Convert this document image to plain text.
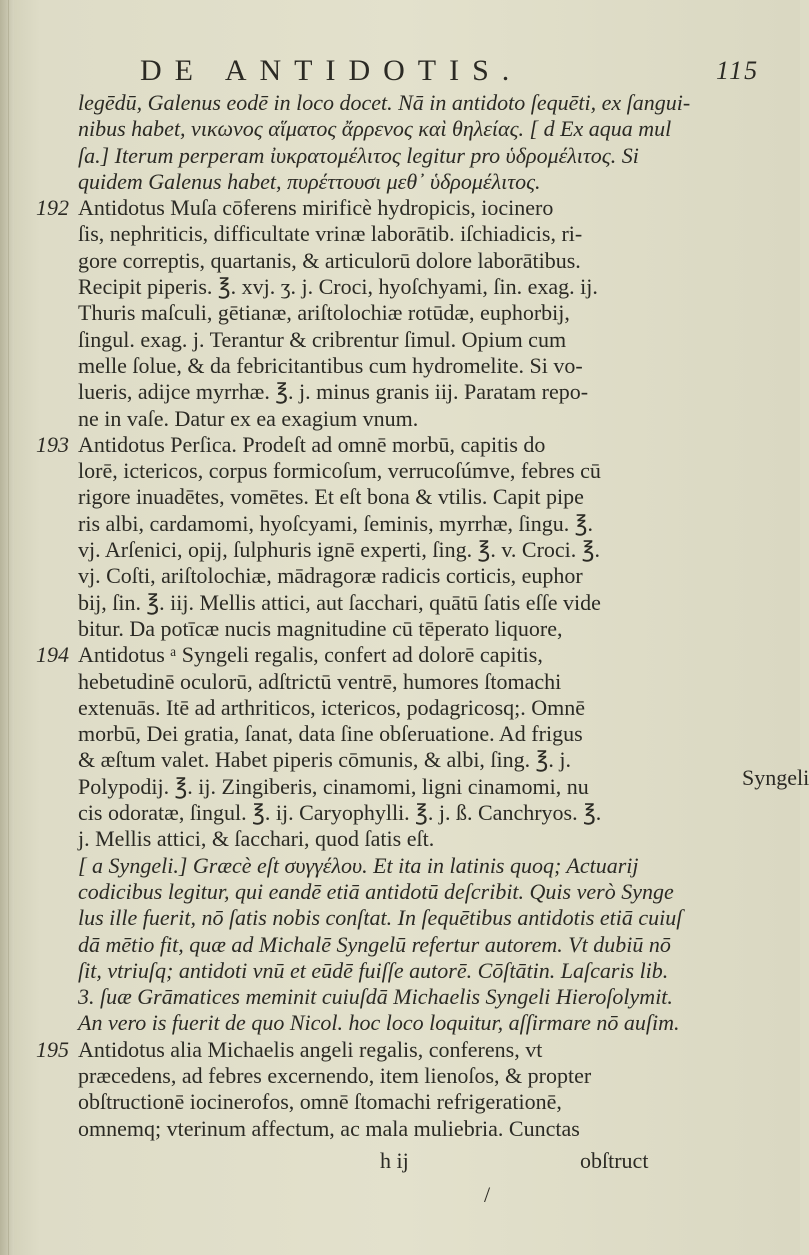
DE ANTIDOTIS.	115
legēdū, Galenus eodē in loco docet. Nā in antidoto ſequēti, ex ſangui-
nibus habet, νικωνος αἵματος ἄρρενος καὶ θηλείας. [ d Ex aqua mul
ſa.] Iterum perperam ἰυκρατομέλιτος legitur pro ὑδρομέλιτος. Si
quidem Galenus habet, πυρέττουσι μεθ᾽ ὑδρομέλιτος.
192 Antidotus Muſa cōferens mirificè hydropicis, iocinero
ſis, nephriticis, difficultate vrinæ laborātib. iſchiadicis, ri-
gore correptis, quartanis, & articulorū dolore laborātibus.
Recipit piperis. ℥. xvj. ʒ. j. Croci, hyoſchyami, ſin. exag. ij.
Thuris maſculi, gētianæ, ariſtolochiæ rotūdæ, euphorbij,
ſingul. exag. j. Terantur & cribrentur ſimul. Opium cum
melle ſolue, & da febricitantibus cum hydromelite. Si vo-
lueris, adijce myrrhæ. ℥. j. minus granis iij. Paratam repo-
ne in vaſe. Datur ex ea exagium vnum.
193 Antidotus Perſica. Prodeſt ad omnē morbū, capitis do
lorē, ictericos, corpus formicoſum, verrucoſúmve, febres cū
rigore inuadētes, vomētes. Et eſt bona & vtilis. Capit pipe
ris albi, cardamomi, hyoſcyami, ſeminis, myrrhæ, ſingu. ℥.
vj. Arſenici, opij, ſulphuris ignē experti, ſing. ℥. v. Croci. ℥.
vj. Coſti, ariſtolochiæ, mādragoræ radicis corticis, euphor
bij, ſin. ℥. iij. Mellis attici, aut ſacchari, quātū ſatis eſſe vide
bitur. Da potīcæ nucis magnitudine cū tēperato liquore,
194 Antidotus ᵃ Syngeli regalis, confert ad dolorē capitis,
hebetudinē oculorū, adſtrictū ventrē, humores ſtomachi
extenuās. Itē ad arthriticos, ictericos, podagricosq;. Omnē
morbū, Dei gratia, ſanat, data ſine obſeruatione. Ad frigus
& æſtum valet. Habet piperis cōmunis, & albi, ſing. ℥. j.
Polypodij. ℥. ij. Zingiberis, cinamomi, ligni cinamomi, nu
cis odoratæ, ſingul. ℥. ij. Caryophylli. ℥. j. ß. Canchryos. ℥.
j. Mellis attici, & ſacchari, quod ſatis eſt.
[ a Syngeli.] Græcè eſt συγγέλου. Et ita in latinis quoq; Actuarij
codicibus legitur, qui eandē etiā antidotū deſcribit. Quis verò Synge
lus ille fuerit, nō ſatis nobis conſtat. In ſequētibus antidotis etiā cuiuſ
dā mētio fit, quæ ad Michalē Syngelū refertur autorem. Vt dubiū nō
ſit, vtriuſq; antidoti vnū et eūdē fuiſſe autorē. Cōſtātin. Laſcaris lib.
3. ſuæ Grāmatices meminit cuiuſdā Michaelis Syngeli Hieroſolymit.
An vero is fuerit de quo Nicol. hoc loco loquitur, aſſirmare nō auſim.
195 Antidotus alia Michaelis angeli regalis, conferens, vt
præcedens, ad febres excernendo, item lienoſos, & propter
obſtructionē iocinerofos, omnē ſtomachi refrigerationē,
omnemq; vterinum affectum, ac mala muliebria. Cunctas
Syngeli
h ij	obſtruct
/
